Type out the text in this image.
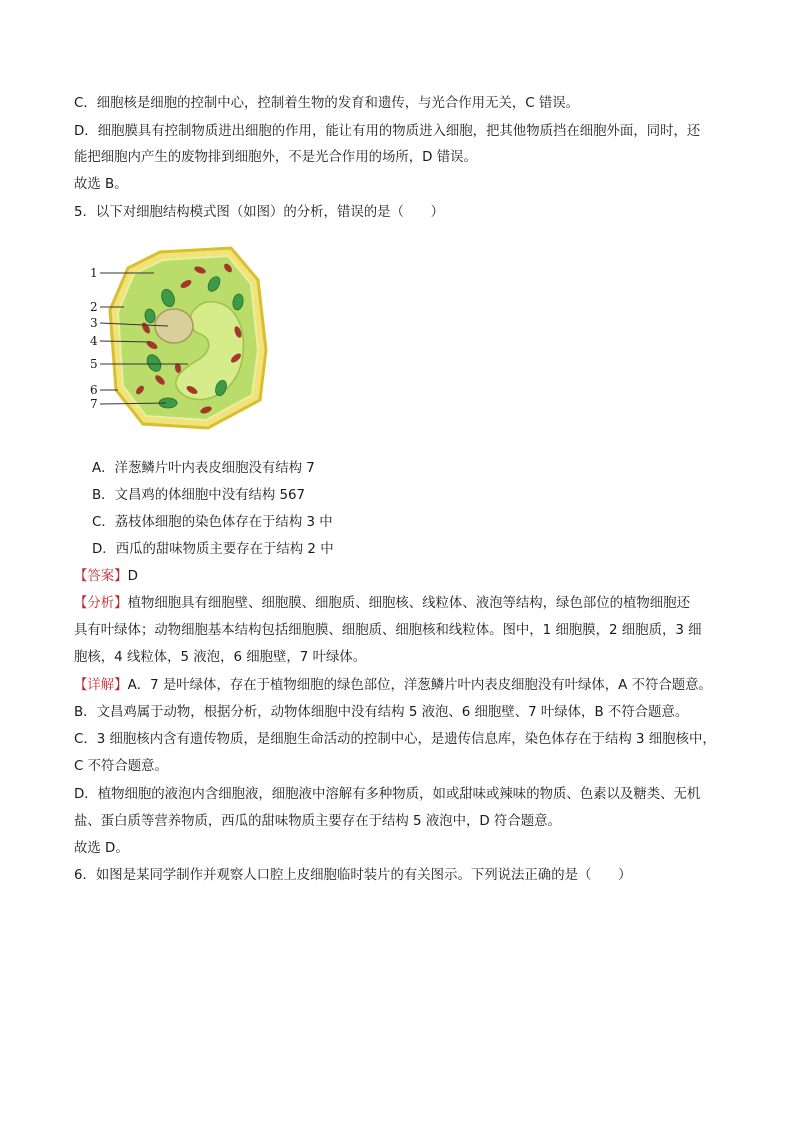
C．细胞核是细胞的控制中心，控制着生物的发育和遗传，与光合作用无关，C 错误。
D．细胞膜具有控制物质进出细胞的作用，能让有用的物质进入细胞，把其他物质挡在细胞外面，同时，还
能把细胞内产生的废物排到细胞外，不是光合作用的场所，D 错误。
故选 B。
5．以下对细胞结构模式图（如图）的分析，错误的是（　　）
1
2
3
4
5
6
7
A．洋葱鳞片叶内表皮细胞没有结构 7
B．文昌鸡的体细胞中没有结构 567
C．荔枝体细胞的染色体存在于结构 3 中
D．西瓜的甜味物质主要存在于结构 2 中
【答案】D
【分析】植物细胞具有细胞壁、细胞膜、细胞质、细胞核、线粒体、液泡等结构，绿色部位的植物细胞还
具有叶绿体；动物细胞基本结构包括细胞膜、细胞质、细胞核和线粒体。图中，1 细胞膜，2 细胞质，3 细
胞核，4 线粒体，5 液泡，6 细胞壁，7 叶绿体。
【详解】A．7 是叶绿体，存在于植物细胞的绿色部位，洋葱鳞片叶内表皮细胞没有叶绿体，A 不符合题意。
B．文昌鸡属于动物，根据分析，动物体细胞中没有结构 5 液泡、6 细胞壁、7 叶绿体，B 不符合题意。
C．3 细胞核内含有遗传物质，是细胞生命活动的控制中心，是遗传信息库，染色体存在于结构 3 细胞核中，
C 不符合题意。
D．植物细胞的液泡内含细胞液，细胞液中溶解有多种物质，如或甜味或辣味的物质、色素以及糖类、无机
盐、蛋白质等营养物质，西瓜的甜味物质主要存在于结构 5 液泡中，D 符合题意。
故选 D。
6．如图是某同学制作并观察人口腔上皮细胞临时装片的有关图示。下列说法正确的是（　　）
